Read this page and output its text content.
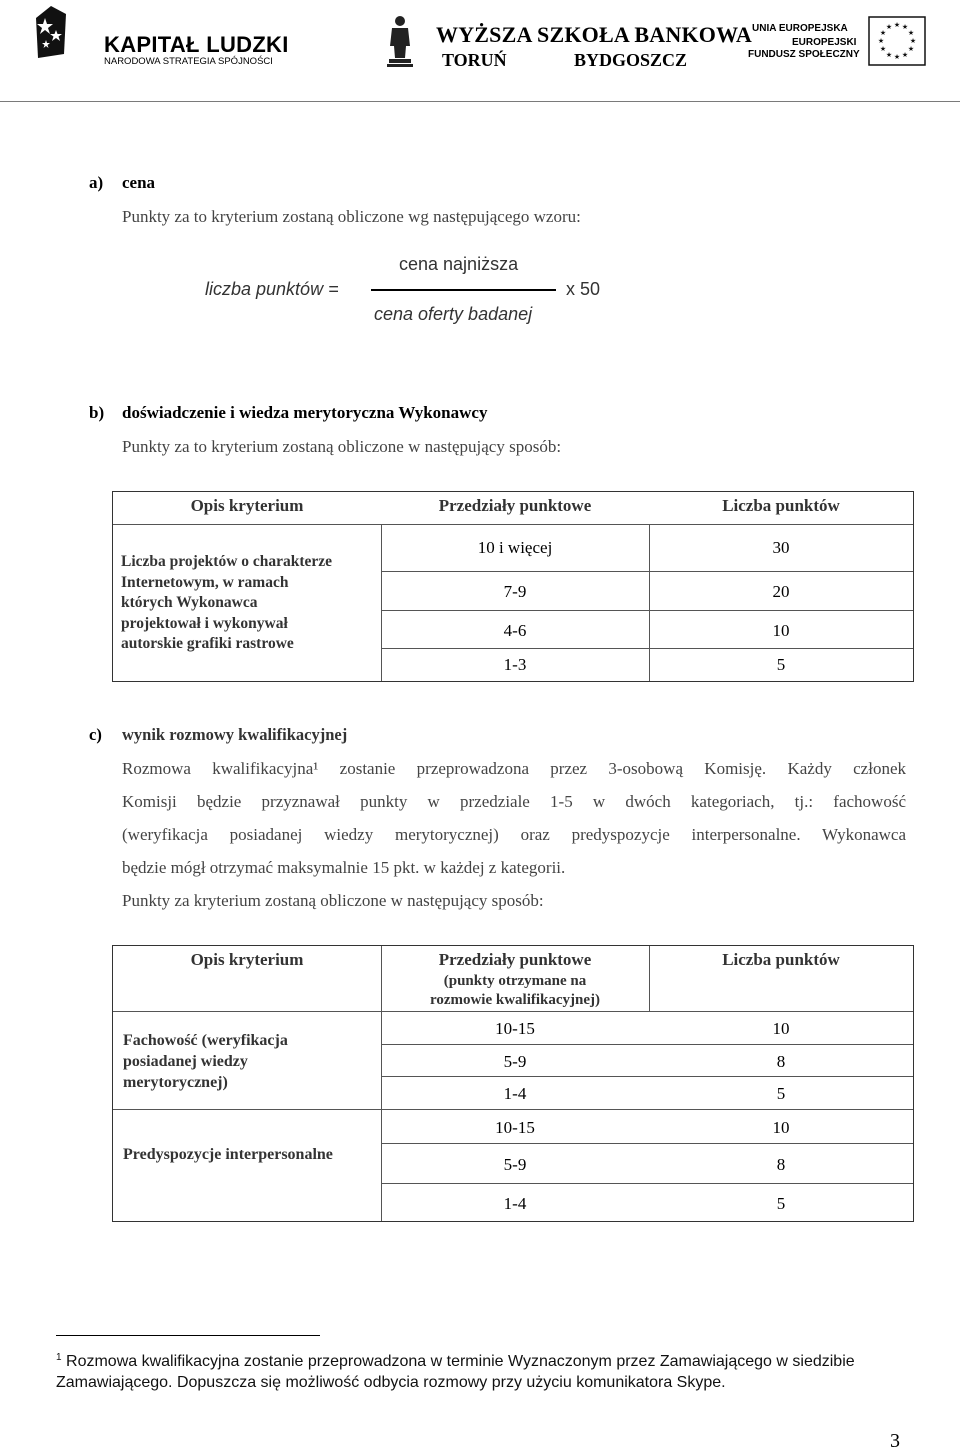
KAPITAŁ LUDZKI
NARODOWA STRATEGIA SPÓJNOŚCI
WYŻSZA SZKOŁA BANKOWA
TORUŃ	BYDGOSZCZ
UNIA EUROPEJSKA
EUROPEJSKI
FUNDUSZ SPOŁECZNY
★ ★
★
★
★
★
★
★
★
★
★
★
a) cena
Punkty za to kryterium zostaną obliczone wg następującego wzoru:
cena najniższa
liczba punktów =	x 50
cena oferty badanej
b) doświadczenie i wiedza merytoryczna Wykonawcy
Punkty za to kryterium zostaną obliczone w następujący sposób:
Opis kryterium	Przedziały punktowe	Liczba punktów
Liczba projektów o charakterze
Internetowym, w ramach
których Wykonawca
projektował i wykonywał
autorskie grafiki rastrowe
10 i więcej	30
7-9	20
4-6	10
1-3	5
c) wynik rozmowy kwalifikacyjnej
Rozmowa kwalifikacyjna¹ zostanie przeprowadzona przez 3-osobową Komisję. Każdy członek
Komisji będzie przyznawał punkty w przedziale 1-5 w dwóch kategoriach, tj.: fachowość
(weryfikacja posiadanej wiedzy merytorycznej) oraz predyspozycje interpersonalne. Wykonawca
będzie mógł otrzymać maksymalnie 15 pkt. w każdej z kategorii.
Punkty za kryterium zostaną obliczone w następujący sposób:
Opis kryterium	Przedziały punktowe
(punkty otrzymane na
rozmowie kwalifikacyjnej)
Liczba punktów
Fachowość (weryfikacja
posiadanej wiedzy
merytorycznej)
10-15	10
5-9	8
1-4	5
Predyspozycje interpersonalne
10-15	10
5-9	8
1-4	5
$^1$ Rozmowa kwalifikacyjna zostanie przeprowadzona w terminie Wyznaczonym przez Zamawiającego w siedzibie Zamawiającego. Dopuszcza się możliwość odbycia rozmowy przy użyciu komunikatora Skype.
3
